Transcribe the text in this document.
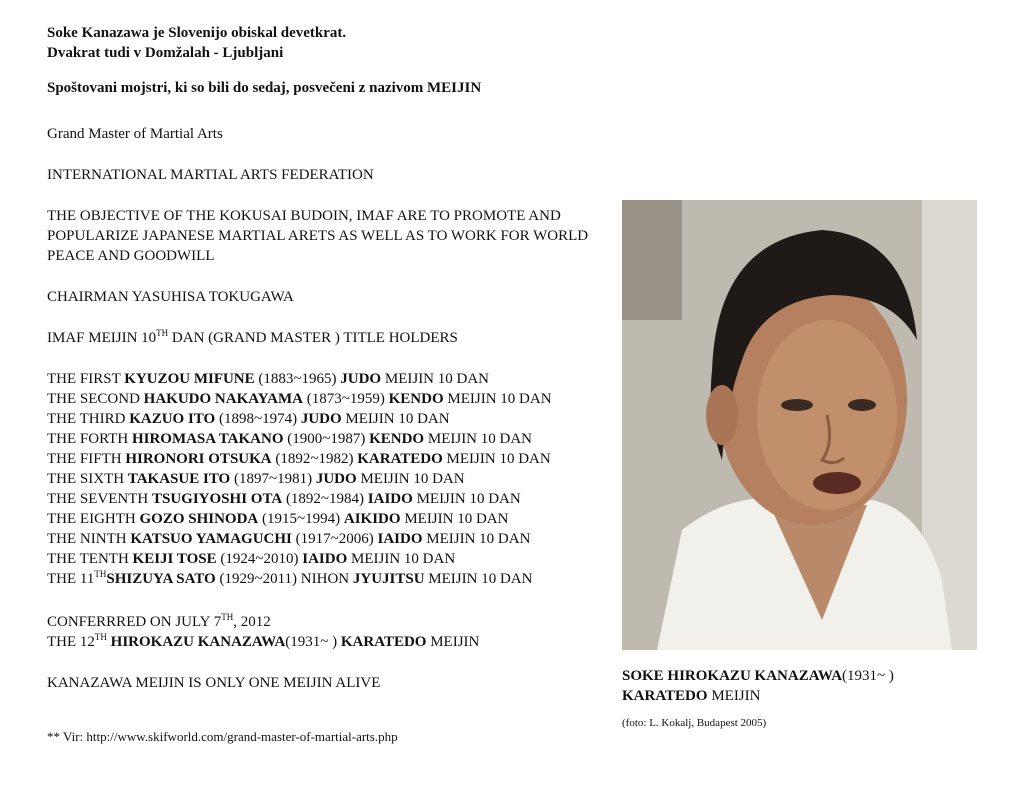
Soke Kanazawa je Slovenijo obiskal devetkrat.

Dvakrat tudi v Domžalah - Ljubljani

Spoštovani mojstri, ki so bili do sedaj, posvečeni z nazivom MEIJIN

Grand Master of Martial Arts

INTERNATIONAL MARTIAL ARTS FEDERATION

THE OBJECTIVE OF THE KOKUSAI BUDOIN, IMAF ARE TO PROMOTE AND POPULARIZE JAPANESE MARTIAL ARETS AS WELL AS TO WORK FOR WORLD PEACE AND GOODWILL

CHAIRMAN YASUHISA TOKUGAWA

IMAF MEIJIN 10TH DAN (GRAND MASTER ) TITLE HOLDERS

THE FIRST KYUZOU MIFUNE (1883~1965) JUDO MEIJIN 10 DAN
THE SECOND HAKUDO NAKAYAMA (1873~1959) KENDO MEIJIN 10 DAN
THE THIRD KAZUO ITO (1898~1974) JUDO MEIJIN 10 DAN
THE FORTH HIROMASA TAKANO (1900~1987) KENDO MEIJIN 10 DAN
THE FIFTH HIRONORI OTSUKA (1892~1982) KARATEDO MEIJIN 10 DAN
THE SIXTH TAKASUE ITO (1897~1981) JUDO MEIJIN 10 DAN
THE SEVENTH TSUGIYOSHI OTA (1892~1984) IAIDO MEIJIN 10 DAN
THE EIGHTH GOZO SHINODA (1915~1994) AIKIDO MEIJIN 10 DAN
THE NINTH KATSUO YAMAGUCHI (1917~2006) IAIDO MEIJIN 10 DAN
THE TENTH KEIJI TOSE (1924~2010) IAIDO MEIJIN 10 DAN
THE 11THSHIZUYA SATO (1929~2011) NIHON JYUJITSU MEIJIN 10 DAN

CONFERRRED ON JULY 7TH, 2012

THE 12TH HIROKAZU KANAZAWA(1931~ ) KARATEDO MEIJIN

KANAZAWA MEIJIN IS ONLY ONE MEIJIN ALIVE

** Vir: http://www.skifworld.com/grand-master-of-martial-arts.php

SOKE HIROKAZU KANAZAWA(1931~ )
KARATEDO MEIJIN

(foto: L. Kokalj, Budapest 2005)
